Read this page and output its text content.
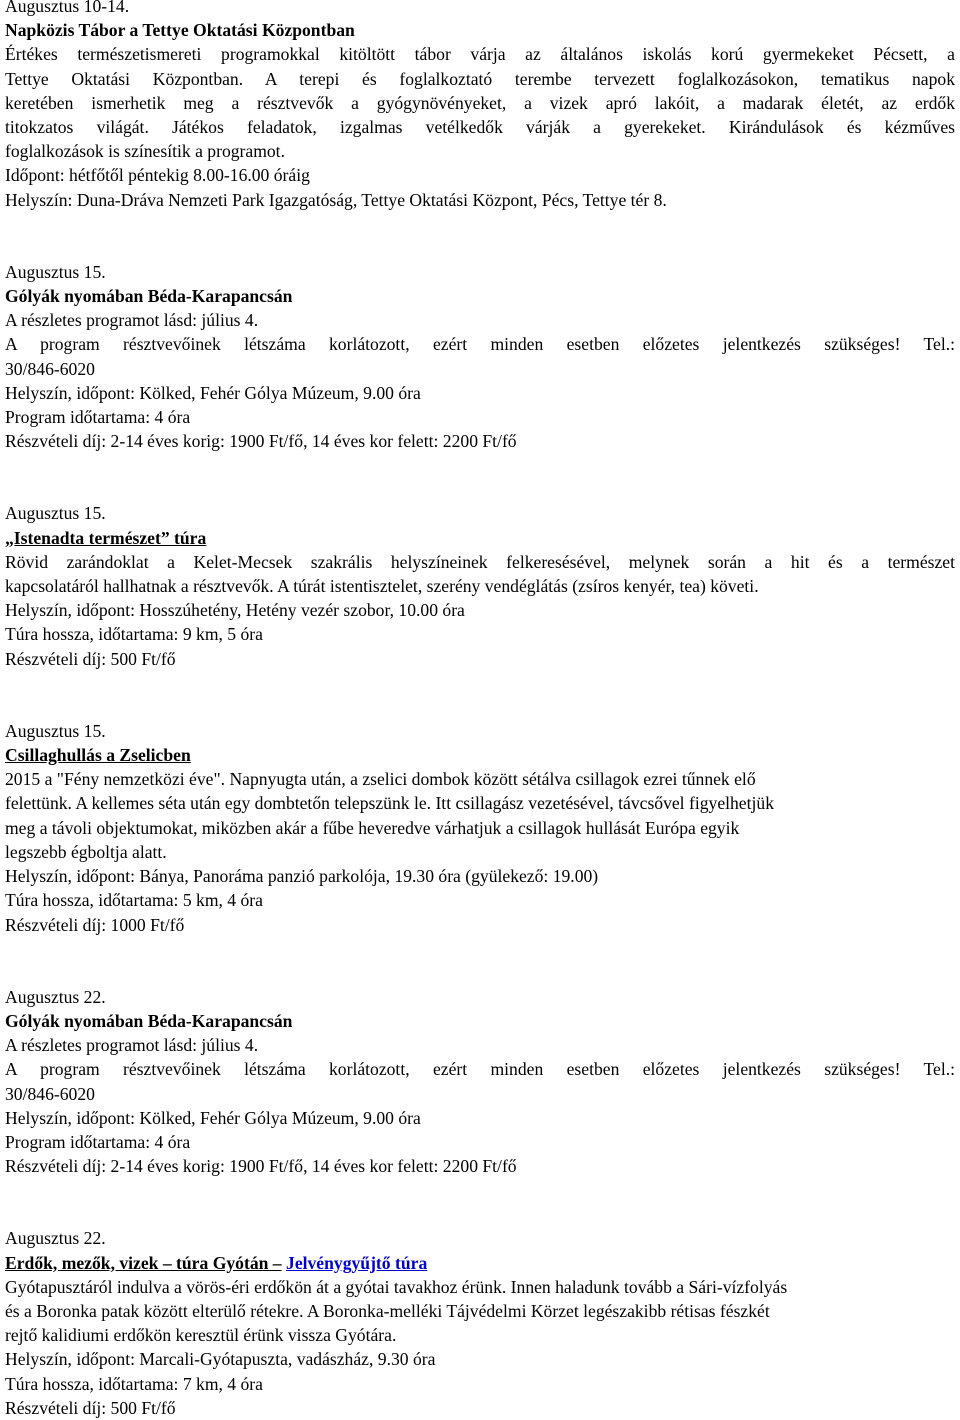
Augusztus 10-14.
Napközis Tábor a Tettye Oktatási Központban
Értékes természetismereti programokkal kitöltött tábor várja az általános iskolás korú gyermekeket Pécsett, a
Tettye Oktatási Központban. A terepi és foglalkoztató terembe tervezett foglalkozásokon, tematikus napok
keretében ismerhetik meg a résztvevők a gyógynövényeket, a vizek apró lakóit, a madarak életét, az erdők
titokzatos világát. Játékos feladatok, izgalmas vetélkedők várják a gyerekeket. Kirándulások és kézműves
foglalkozások is színesítik a programot.
Időpont: hétfőtől péntekig 8.00-16.00 óráig
Helyszín: Duna-Dráva Nemzeti Park Igazgatóság, Tettye Oktatási Központ, Pécs, Tettye tér 8.
Augusztus 15.
Gólyák nyomában Béda-Karapancsán
A részletes programot lásd: július 4.
A program résztvevőinek létszáma korlátozott, ezért minden esetben előzetes jelentkezés szükséges! Tel.:
30/846-6020
Helyszín, időpont: Kölked, Fehér Gólya Múzeum, 9.00 óra
Program időtartama: 4 óra
Részvételi díj: 2-14 éves korig: 1900 Ft/fő, 14 éves kor felett: 2200 Ft/fő
Augusztus 15.
„Istenadta természet” túra
Rövid zarándoklat a Kelet-Mecsek szakrális helyszíneinek felkeresésével, melynek során a hit és a természet
kapcsolatáról hallhatnak a résztvevők. A túrát istentisztelet, szerény vendéglátás (zsíros kenyér, tea) követi.
Helyszín, időpont: Hosszúhetény, Hetény vezér szobor, 10.00 óra
Túra hossza, időtartama: 9 km, 5 óra
Részvételi díj: 500 Ft/fő
Augusztus 15.
Csillaghullás a Zselicben
2015 a "Fény nemzetközi éve". Napnyugta után, a zselici dombok között sétálva csillagok ezrei tűnnek elő
felettünk. A kellemes séta után egy dombtetőn telepszünk le. Itt csillagász vezetésével, távcsővel figyelhetjük
meg a távoli objektumokat, miközben akár a fűbe heveredve várhatjuk a csillagok hullását Európa egyik
legszebb égboltja alatt.
Helyszín, időpont: Bánya, Panoráma panzió parkolója, 19.30 óra (gyülekező: 19.00)
Túra hossza, időtartama: 5 km, 4 óra
Részvételi díj: 1000 Ft/fő
Augusztus 22.
Gólyák nyomában Béda-Karapancsán
A részletes programot lásd: július 4.
A program résztvevőinek létszáma korlátozott, ezért minden esetben előzetes jelentkezés szükséges! Tel.:
30/846-6020
Helyszín, időpont: Kölked, Fehér Gólya Múzeum, 9.00 óra
Program időtartama: 4 óra
Részvételi díj: 2-14 éves korig: 1900 Ft/fő, 14 éves kor felett: 2200 Ft/fő
Augusztus 22.
Erdők, mezők, vizek – túra Gyótán – Jelvénygyűjtő túra
Gyótapusztáról indulva a vörös-éri erdőkön át a gyótai tavakhoz érünk. Innen haladunk tovább a Sári-vízfolyás
és a Boronka patak között elterülő rétekre. A Boronka-melléki Tájvédelmi Körzet legészakibb rétisas fészkét
rejtő kalidiumi erdőkön keresztül érünk vissza Gyótára.
Helyszín, időpont: Marcali-Gyótapuszta, vadászház, 9.30 óra
Túra hossza, időtartama: 7 km, 4 óra
Részvételi díj: 500 Ft/fő
